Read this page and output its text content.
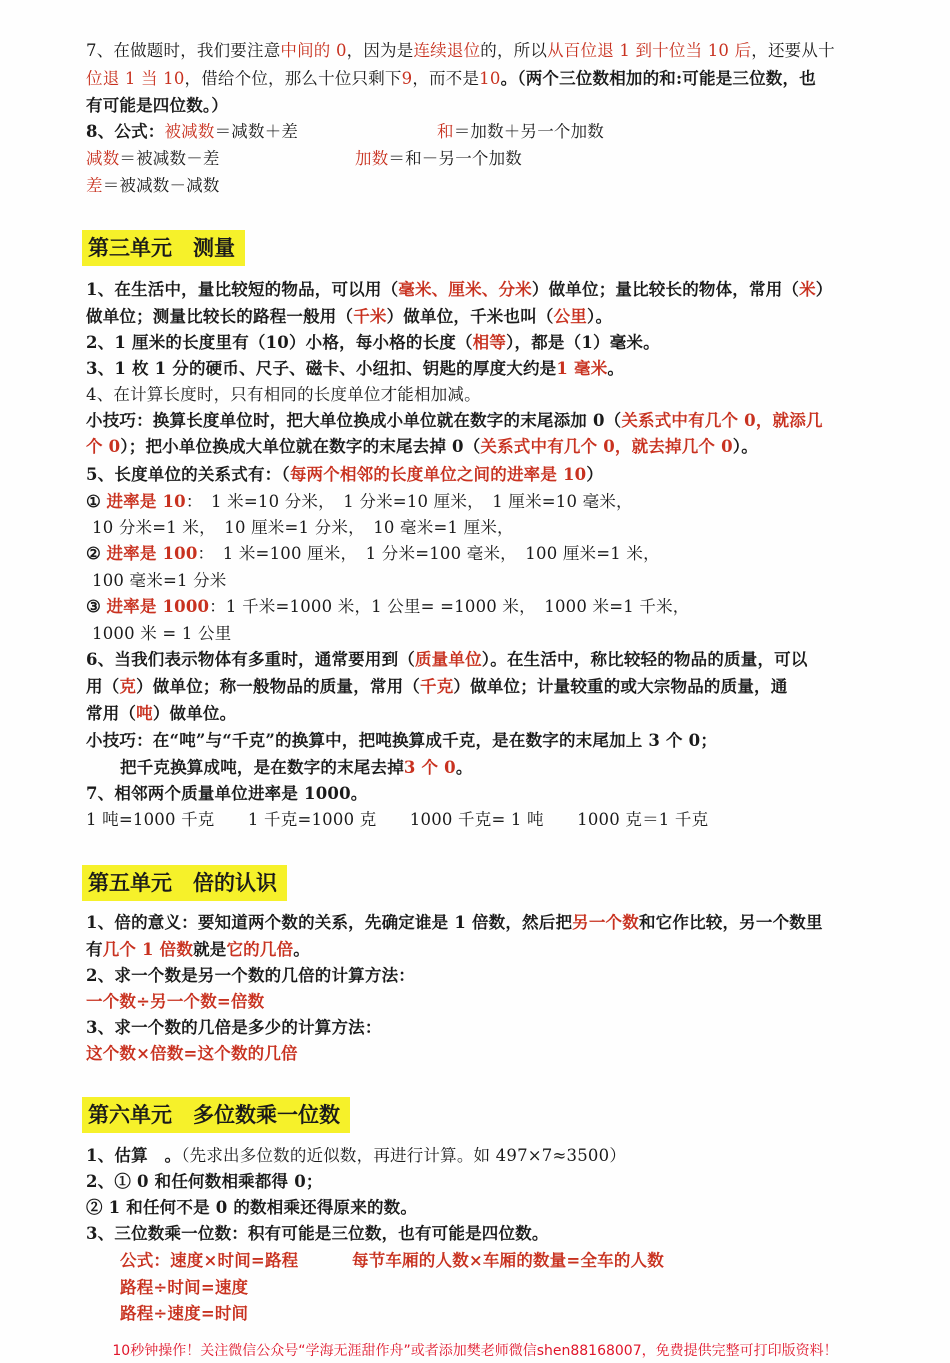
7、在做题时，我们要注意中间的 0，因为是连续退位的，所以从百位退 1 到十位当 10 后，还要从十
位退 1 当 10，借给个位，那么十位只剩下9，而不是10。（两个三位数相加的和:可能是三位数，也
有可能是四位数。）
8、公式：被减数＝减数＋差	和＝加数＋另一个加数
减数＝被减数－差	加数＝和－另一个加数
差＝被减数－减数
第三单元　测量
1、在生活中，量比较短的物品，可以用（毫米、厘米、分米）做单位；量比较长的物体，常用（米）
做单位；测量比较长的路程一般用（千米）做单位，千米也叫（公里）。
2、1 厘米的长度里有（10）小格，每小格的长度（相等），都是（1）毫米。
3、1 枚 1 分的硬币、尺子、磁卡、小纽扣、钥匙的厚度大约是1 毫米。
4、在计算长度时，只有相同的长度单位才能相加减。
小技巧：换算长度单位时，把大单位换成小单位就在数字的末尾添加 0（关系式中有几个 0，就添几
个 0）；把小单位换成大单位就在数字的末尾去掉 0（关系式中有几个 0，就去掉几个 0）。
5、长度单位的关系式有：（每两个相邻的长度单位之间的进率是 10）
① 进率是 10：　1 米=10 分米，　1 分米=10 厘米，　1 厘米=10 毫米，
10 分米=1 米，　10 厘米=1 分米，　10 毫米=1 厘米，
② 进率是 100：　1 米=100 厘米，　1 分米=100 毫米，　100 厘米=1 米，
100 毫米=1 分米
③ 进率是 1000：1 千米=1000 米，1 公里= =1000 米，　1000 米=1 千米，
1000 米 = 1 公里
6、当我们表示物体有多重时，通常要用到（质量单位）。在生活中，称比较轻的物品的质量，可以
用（克）做单位；称一般物品的质量，常用（千克）做单位；计量较重的或大宗物品的质量，通
常用（吨）做单位。
小技巧：在“吨”与“千克”的换算中，把吨换算成千克，是在数字的末尾加上 3 个 0；
把千克换算成吨，是在数字的末尾去掉3 个 0。
7、相邻两个质量单位进率是 1000。
1 吨=1000 千克　　1 千克=1000 克　　1000 千克= 1 吨　　1000 克＝1 千克
第五单元　倍的认识
1、倍的意义：要知道两个数的关系，先确定谁是 1 倍数，然后把另一个数和它作比较，另一个数里
有几个 1 倍数就是它的几倍。
2、求一个数是另一个数的几倍的计算方法：
一个数÷另一个数=倍数
3、求一个数的几倍是多少的计算方法：
这个数×倍数=这个数的几倍
第六单元　多位数乘一位数
1、估算　。（先求出多位数的近似数，再进行计算。如 497×7≈3500）
2、① 0 和任何数相乘都得 0；
② 1 和任何不是 0 的数相乘还得原来的数。
3、三位数乘一位数：积有可能是三位数，也有可能是四位数。
公式：速度×时间=路程	每节车厢的人数×车厢的数量=全车的人数
路程÷时间=速度
路程÷速度=时间
10秒钟操作！关注微信公众号“学海无涯甜作舟”或者添加樊老师微信shen88168007，免费提供完整可打印版资料！
